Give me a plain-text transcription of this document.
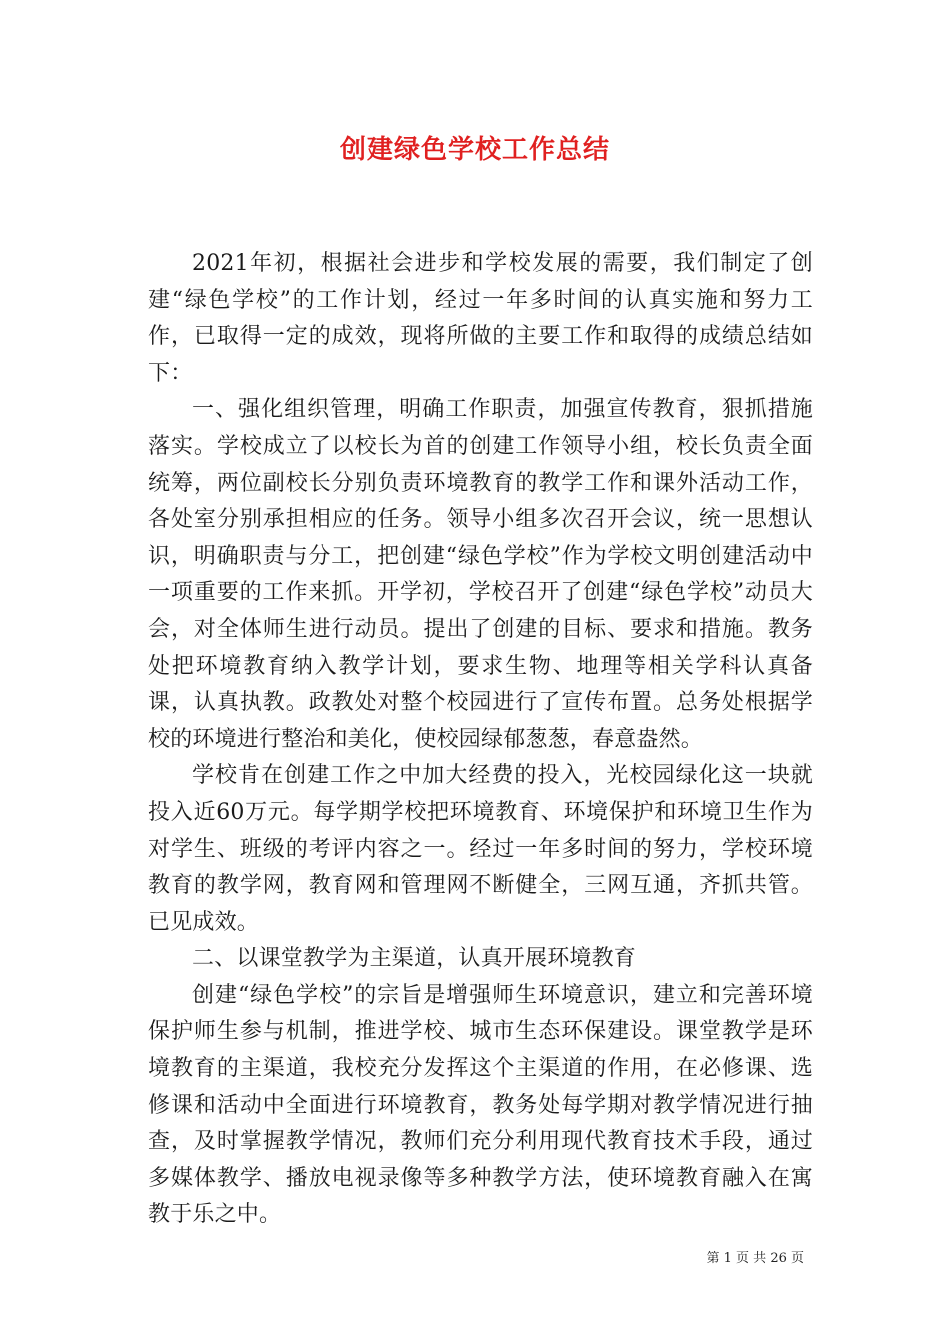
创建绿色学校工作总结

2021年初，根据社会进步和学校发展的需要，我们制定了创建“绿色学校”的工作计划，经过一年多时间的认真实施和努力工作，已取得一定的成效，现将所做的主要工作和取得的成绩总结如下：

一、强化组织管理，明确工作职责，加强宣传教育，狠抓措施落实。学校成立了以校长为首的创建工作领导小组，校长负责全面统筹，两位副校长分别负责环境教育的教学工作和课外活动工作，各处室分别承担相应的任务。领导小组多次召开会议，统一思想认识，明确职责与分工，把创建“绿色学校”作为学校文明创建活动中一项重要的工作来抓。开学初，学校召开了创建“绿色学校”动员大会，对全体师生进行动员。提出了创建的目标、要求和措施。教务处把环境教育纳入教学计划，要求生物、地理等相关学科认真备课，认真执教。政教处对整个校园进行了宣传布置。总务处根据学校的环境进行整治和美化，使校园绿郁葱葱，春意盎然。

学校肯在创建工作之中加大经费的投入，光校园绿化这一块就投入近60万元。每学期学校把环境教育、环境保护和环境卫生作为对学生、班级的考评内容之一。经过一年多时间的努力，学校环境教育的教学网，教育网和管理网不断健全，三网互通，齐抓共管。已见成效。

二、以课堂教学为主渠道，认真开展环境教育

创建“绿色学校”的宗旨是增强师生环境意识，建立和完善环境保护师生参与机制，推进学校、城市生态环保建设。课堂教学是环境教育的主渠道，我校充分发挥这个主渠道的作用，在必修课、选修课和活动中全面进行环境教育，教务处每学期对教学情况进行抽查，及时掌握教学情况，教师们充分利用现代教育技术手段，通过多媒体教学、播放电视录像等多种教学方法，使环境教育融入在寓教于乐之中。

第 1 页 共 26 页
